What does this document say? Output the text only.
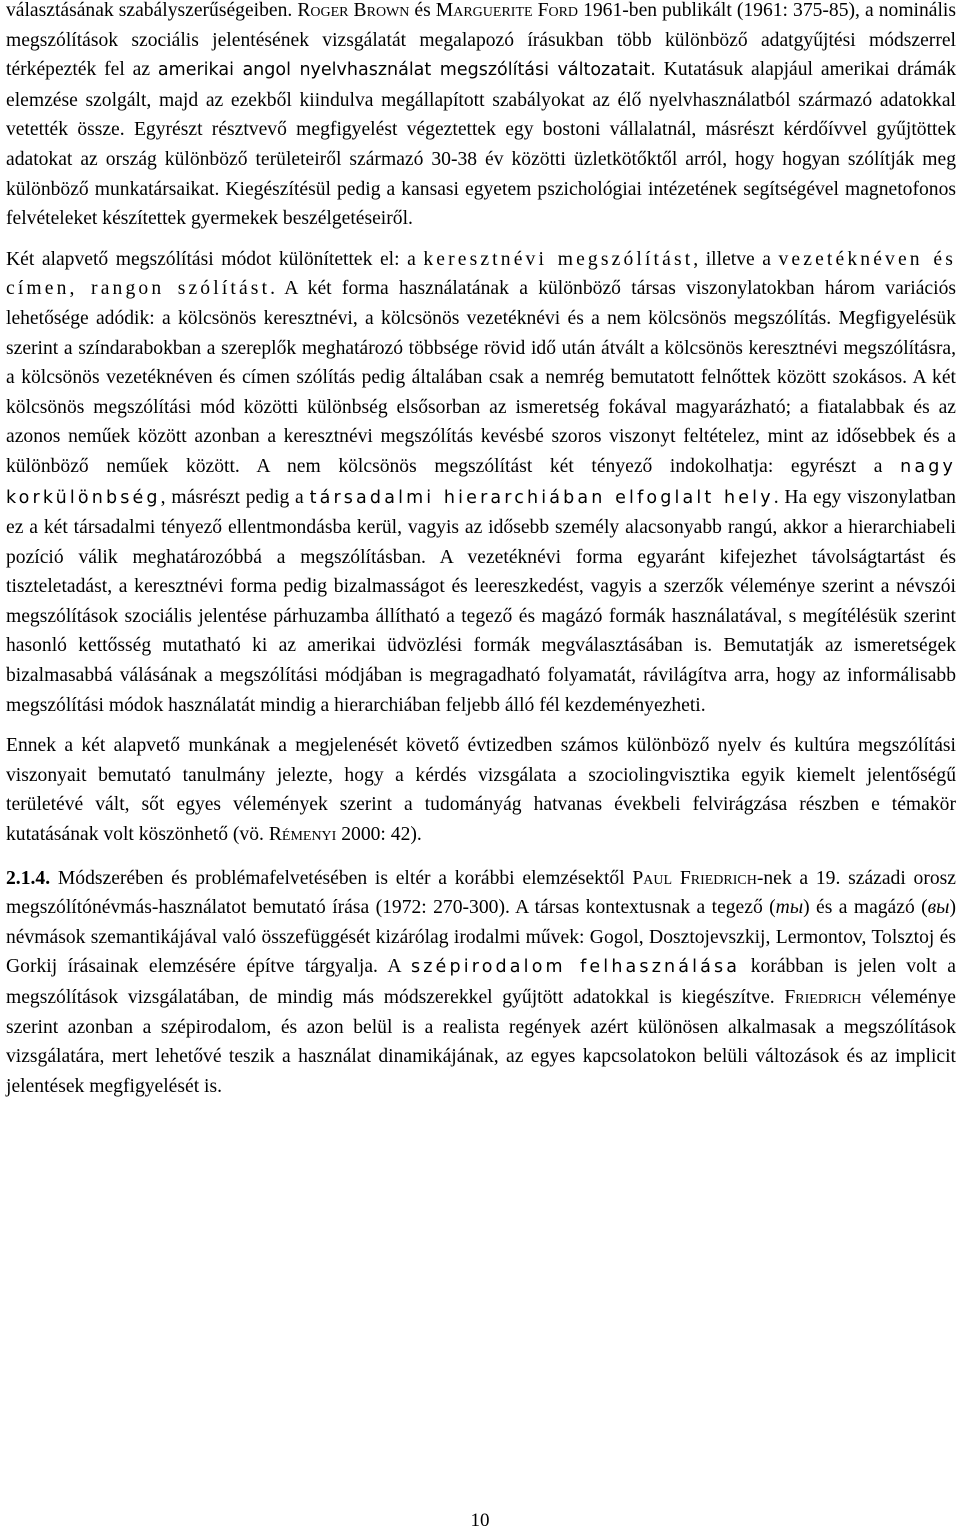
választásának szabályszerűségeiben. Roger Brown és Marguerite Ford 1961-ben publikált (1961: 375-85), a nominális megszólítások szociális jelentésének vizsgálatát megalapozó írásukban több különböző adatgyűjtési módszerrel térképezték fel az amerikai angol nyelvhasználat megszólítási változatait. Kutatásuk alapjául amerikai drámák elemzése szolgált, majd az ezekből kiindulva megállapított szabályokat az élő nyelvhasználatból származó adatokkal vetették össze. Egyrészt résztvevő megfigyelést végeztettek egy bostoni vállalatnál, másrészt kérdőívvel gyűjtöttek adatokat az ország különböző területeiről származó 30-38 év közötti üzletkötőktől arról, hogy hogyan szólítják meg különböző munkatársaikat. Kiegészítésül pedig a kansasi egyetem pszichológiai intézetének segítségével magnetofonos felvételeket készítettek gyermekek beszélgetéseiről.

Két alapvető megszólítási módot különítettek el: a keresztnévi megszólítást, illetve a vezetéknéven és címen, rangon szólítást. A két forma használatának a különböző társas viszonylatokban három variációs lehetősége adódik: a kölcsönös keresztnévi, a kölcsönös vezetéknévi és a nem kölcsönös megszólítás. Megfigyelésük szerint a színdarabokban a szereplők meghatározó többsége rövid idő után átvált a kölcsönös keresztnévi megszólításra, a kölcsönös vezetéknéven és címen szólítás pedig általában csak a nemrég bemutatott felnőttek között szokásos. A két kölcsönös megszólítási mód közötti különbség elsősorban az ismeretség fokával magyarázható; a fiatalabbak és az azonos neműek között azonban a keresztnévi megszólítás kevésbé szoros viszonyt feltételez, mint az idősebbek és a különböző neműek között. A nem kölcsönös megszólítást két tényező indokolhatja: egyrészt a nagy korkülönbség, másrészt pedig a társadalmi hierarchiában elfoglalt hely. Ha egy viszonylatban ez a két társadalmi tényező ellentmondásba kerül, vagyis az idősebb személy alacsonyabb rangú, akkor a hierarchiabeli pozíció válik meghatározóbbá a megszólításban. A vezetéknévi forma egyaránt kifejezhet távolságtartást és tiszteletadást, a keresztnévi forma pedig bizalmasságot és leereszkedést, vagyis a szerzők véleménye szerint a névszói megszólítások szociális jelentése párhuzamba állítható a tegező és magázó formák használatával, s megítélésük szerint hasonló kettősség mutatható ki az amerikai üdvözlési formák megválasztásában is. Bemutatják az ismeretségek bizalmasabbá válásának a megszólítási módjában is megragadható folyamatát, rávilágítva arra, hogy az informálisabb megszólítási módok használatát mindig a hierarchiában feljebb álló fél kezdeményezheti.

Ennek a két alapvető munkának a megjelenését követő évtizedben számos különböző nyelv és kultúra megszólítási viszonyait bemutató tanulmány jelezte, hogy a kérdés vizsgálata a szociolingvisztika egyik kiemelt jelentőségű területévé vált, sőt egyes vélemények szerint a tudományág hatvanas évekbeli felvirágzása részben e témakör kutatásának volt köszönhető (vö. Rémenyi 2000: 42).

2.1.4. Módszerében és problémafelvetésében is eltér a korábbi elemzésektől Paul Friedrich-nek a 19. századi orosz megszólítónévmás-használatot bemutató írása (1972: 270-300). A társas kontextusnak a tegező (ты) és a magázó (вы) névmások szemantikájával való összefüggését kizárólag irodalmi művek: Gogol, Dosztojevszkij, Lermontov, Tolsztoj és Gorkij írásainak elemzésére építve tárgyalja. A szépirodalom felhasználása korábban is jelen volt a megszólítások vizsgálatában, de mindig más módszerekkel gyűjtött adatokkal is kiegészítve. Friedrich véleménye szerint azonban a szépirodalom, és azon belül is a realista regények azért különösen alkalmasak a megszólítások vizsgálatára, mert lehetővé teszik a használat dinamikájának, az egyes kapcsolatokon belüli változások és az implicit jelentések megfigyelését is.

10
